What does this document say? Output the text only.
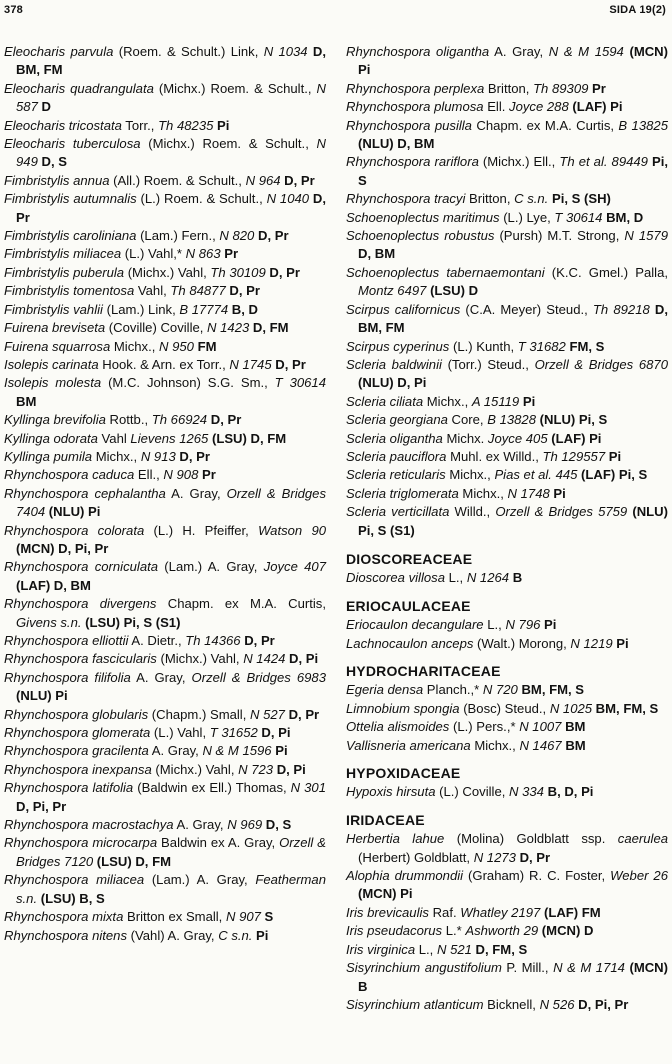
378	SIDA 19(2)

Eleocharis parvula (Roem. & Schult.) Link, N 1034 D, BM, FM

Eleocharis quadrangulata (Michx.) Roem. & Schult., N 587 D

Eleocharis tricostata Torr., Th 48235 Pi

Eleocharis tuberculosa (Michx.) Roem. & Schult., N 949 D, S

Fimbristylis annua (All.) Roem. & Schult., N 964 D, Pr

Fimbristylis autumnalis (L.) Roem. & Schult., N 1040 D, Pr

Fimbristylis caroliniana (Lam.) Fern., N 820 D, Pr

Fimbristylis miliacea (L.) Vahl,* N 863 Pr

Fimbristylis puberula (Michx.) Vahl, Th 30109 D, Pr

Fimbristylis tomentosa Vahl, Th 84877 D, Pr

Fimbristylis vahlii (Lam.) Link, B 17774 B, D

Fuirena breviseta (Coville) Coville, N 1423 D, FM

Fuirena squarrosa Michx., N 950 FM

Isolepis carinata Hook. & Arn. ex Torr., N 1745 D, Pr

Isolepis molesta (M.C. Johnson) S.G. Sm., T 30614 BM

Kyllinga brevifolia Rottb., Th 66924 D, Pr

Kyllinga odorata Vahl Lievens 1265 (LSU) D, FM

Kyllinga pumila Michx., N 913 D, Pr

Rhynchospora caduca Ell., N 908 Pr

Rhynchospora cephalantha A. Gray, Orzell & Bridges 7404 (NLU) Pi

Rhynchospora colorata (L.) H. Pfeiffer, Watson 90 (MCN) D, Pi, Pr

Rhynchospora corniculata (Lam.) A. Gray, Joyce 407 (LAF) D, BM

Rhynchospora divergens Chapm. ex M.A. Curtis, Givens s.n. (LSU) Pi, S (S1)

Rhynchospora elliottii A. Dietr., Th 14366 D, Pr

Rhynchospora fascicularis (Michx.) Vahl, N 1424 D, Pi

Rhynchospora filifolia A. Gray, Orzell & Bridges 6983 (NLU) Pi

Rhynchospora globularis (Chapm.) Small, N 527 D, Pr

Rhynchospora glomerata (L.) Vahl, T 31652 D, Pi

Rhynchospora gracilenta A. Gray, N & M 1596 Pi

Rhynchospora inexpansa (Michx.) Vahl, N 723 D, Pi

Rhynchospora latifolia (Baldwin ex Ell.) Thomas, N 301 D, Pi, Pr

Rhynchospora macrostachya A. Gray, N 969 D, S

Rhynchospora microcarpa Baldwin ex A. Gray, Orzell & Bridges 7120 (LSU) D, FM

Rhynchospora miliacea (Lam.) A. Gray, Featherman s.n. (LSU) B, S

Rhynchospora mixta Britton ex Small, N 907 S

Rhynchospora nitens (Vahl) A. Gray, C s.n. Pi

Rhynchospora oligantha A. Gray, N & M 1594 (MCN) Pi

Rhynchospora perplexa Britton, Th 89309 Pr

Rhynchospora plumosa Ell. Joyce 288 (LAF) Pi

Rhynchospora pusilla Chapm. ex M.A. Curtis, B 13825 (NLU) D, BM

Rhynchospora rariflora (Michx.) Ell., Th et al. 89449 Pi, S

Rhynchospora tracyi Britton, C s.n. Pi, S (SH)

Schoenoplectus maritimus (L.) Lye, T 30614 BM, D

Schoenoplectus robustus (Pursh) M.T. Strong, N 1579 D, BM

Schoenoplectus tabernaemontani (K.C. Gmel.) Palla, Montz 6497 (LSU) D

Scirpus californicus (C.A. Meyer) Steud., Th 89218 D, BM, FM

Scirpus cyperinus (L.) Kunth, T 31682 FM, S

Scleria baldwinii (Torr.) Steud., Orzell & Bridges 6870 (NLU) D, Pi

Scleria ciliata Michx., A 15119 Pi

Scleria georgiana Core, B 13828 (NLU) Pi, S

Scleria oligantha Michx. Joyce 405 (LAF) Pi

Scleria pauciflora Muhl. ex Willd., Th 129557 Pi

Scleria reticularis Michx., Pias et al. 445 (LAF) Pi, S

Scleria triglomerata Michx., N 1748 Pi

Scleria verticillata Willd., Orzell & Bridges 5759 (NLU) Pi, S (S1)

DIOSCOREACEAE

Dioscorea villosa L., N 1264 B

ERIOCAULACEAE

Eriocaulon decangulare L., N 796 Pi

Lachnocaulon anceps (Walt.) Morong, N 1219 Pi

HYDROCHARITACEAE

Egeria densa Planch.,* N 720 BM, FM, S

Limnobium spongia (Bosc) Steud., N 1025 BM, FM, S

Ottelia alismoides (L.) Pers.,* N 1007 BM

Vallisneria americana Michx., N 1467 BM

HYPOXIDACEAE

Hypoxis hirsuta (L.) Coville, N 334 B, D, Pi

IRIDACEAE

Herbertia lahue (Molina) Goldblatt ssp. caerulea (Herbert) Goldblatt, N 1273 D, Pr

Alophia drummondii (Graham) R. C. Foster, Weber 26 (MCN) Pi

Iris brevicaulis Raf. Whatley 2197 (LAF) FM

Iris pseudacorus L.* Ashworth 29 (MCN) D

Iris virginica L., N 521 D, FM, S

Sisyrinchium angustifolium P. Mill., N & M 1714 (MCN) B

Sisyrinchium atlanticum Bicknell, N 526 D, Pi, Pr
